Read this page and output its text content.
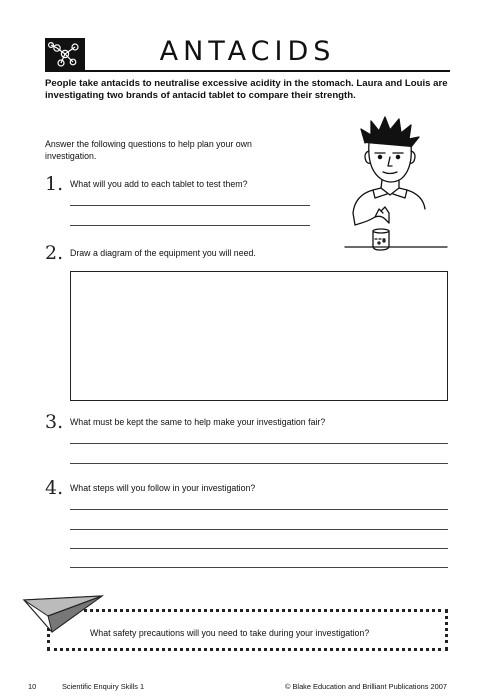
ANTACIDS
People take antacids to neutralise excessive acidity in the stomach. Laura and Louis are investigating two brands of antacid tablet to compare their strength.
Answer the following questions to help plan your own investigation.
1. What will you add to each tablet to test them?
2. Draw a diagram of the equipment you will need.
3. What must be kept the same to help make your investigation fair?
4. What steps will you follow in your investigation?
What safety precautions will you need to take during your investigation?
10	Scientific Enquiry Skills 1	© Blake Education and Brilliant Publications 2007
